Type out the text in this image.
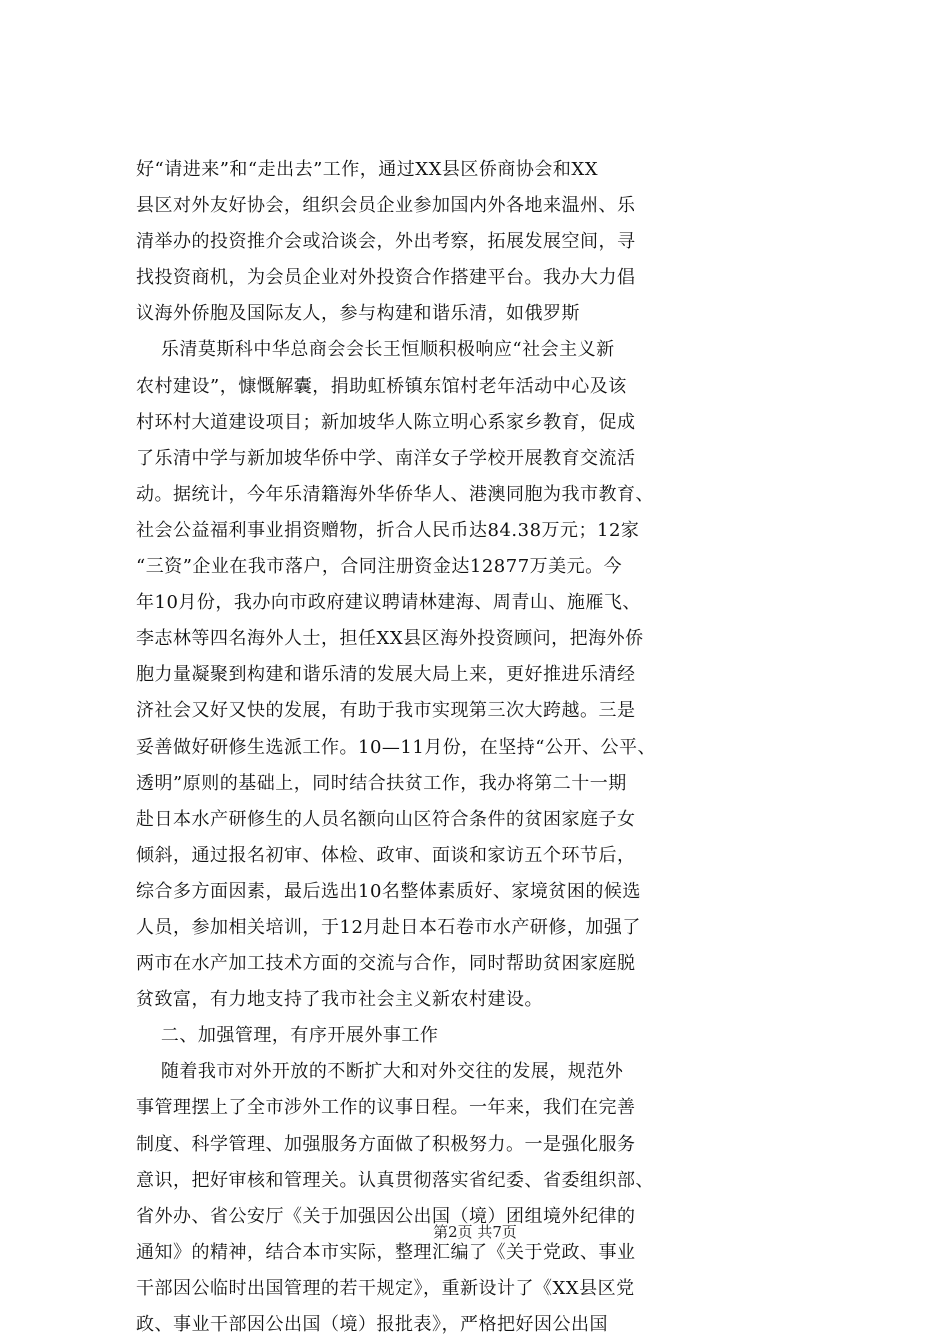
好“请进来”和“走出去”工作，通过XX县区侨商协会和XX
县区对外友好协会，组织会员企业参加国内外各地来温州、乐
清举办的投资推介会或洽谈会，外出考察，拓展发展空间，寻
找投资商机，为会员企业对外投资合作搭建平台。我办大力倡
议海外侨胞及国际友人，参与构建和谐乐清，如俄罗斯
乐清莫斯科中华总商会会长王恒顺积极响应“社会主义新
农村建设”，慷慨解囊，捐助虹桥镇东馆村老年活动中心及该
村环村大道建设项目；新加坡华人陈立明心系家乡教育，促成
了乐清中学与新加坡华侨中学、南洋女子学校开展教育交流活
动。据统计，今年乐清籍海外华侨华人、港澳同胞为我市教育、
社会公益福利事业捐资赠物，折合人民币达84.38万元；12家
“三资”企业在我市落户，合同注册资金达12877万美元。今
年10月份，我办向市政府建议聘请林建海、周青山、施雁飞、
李志林等四名海外人士，担任XX县区海外投资顾问，把海外侨
胞力量凝聚到构建和谐乐清的发展大局上来，更好推进乐清经
济社会又好又快的发展，有助于我市实现第三次大跨越。三是
妥善做好研修生选派工作。10—11月份，在坚持“公开、公平、
透明”原则的基础上，同时结合扶贫工作，我办将第二十一期
赴日本水产研修生的人员名额向山区符合条件的贫困家庭子女
倾斜，通过报名初审、体检、政审、面谈和家访五个环节后，
综合多方面因素，最后选出10名整体素质好、家境贫困的候选
人员，参加相关培训，于12月赴日本石卷市水产研修，加强了
两市在水产加工技术方面的交流与合作，同时帮助贫困家庭脱
贫致富，有力地支持了我市社会主义新农村建设。
二、加强管理，有序开展外事工作
随着我市对外开放的不断扩大和对外交往的发展，规范外
事管理摆上了全市涉外工作的议事日程。一年来，我们在完善
制度、科学管理、加强服务方面做了积极努力。一是强化服务
意识，把好审核和管理关。认真贯彻落实省纪委、省委组织部、
省外办、省公安厅《关于加强因公出国（境）团组境外纪律的
通知》的精神，结合本市实际，整理汇编了《关于党政、事业
干部因公临时出国管理的若干规定》，重新设计了《XX县区党
政、事业干部因公出国（境）报批表》，严格把好因公出国
第2页 共7页
